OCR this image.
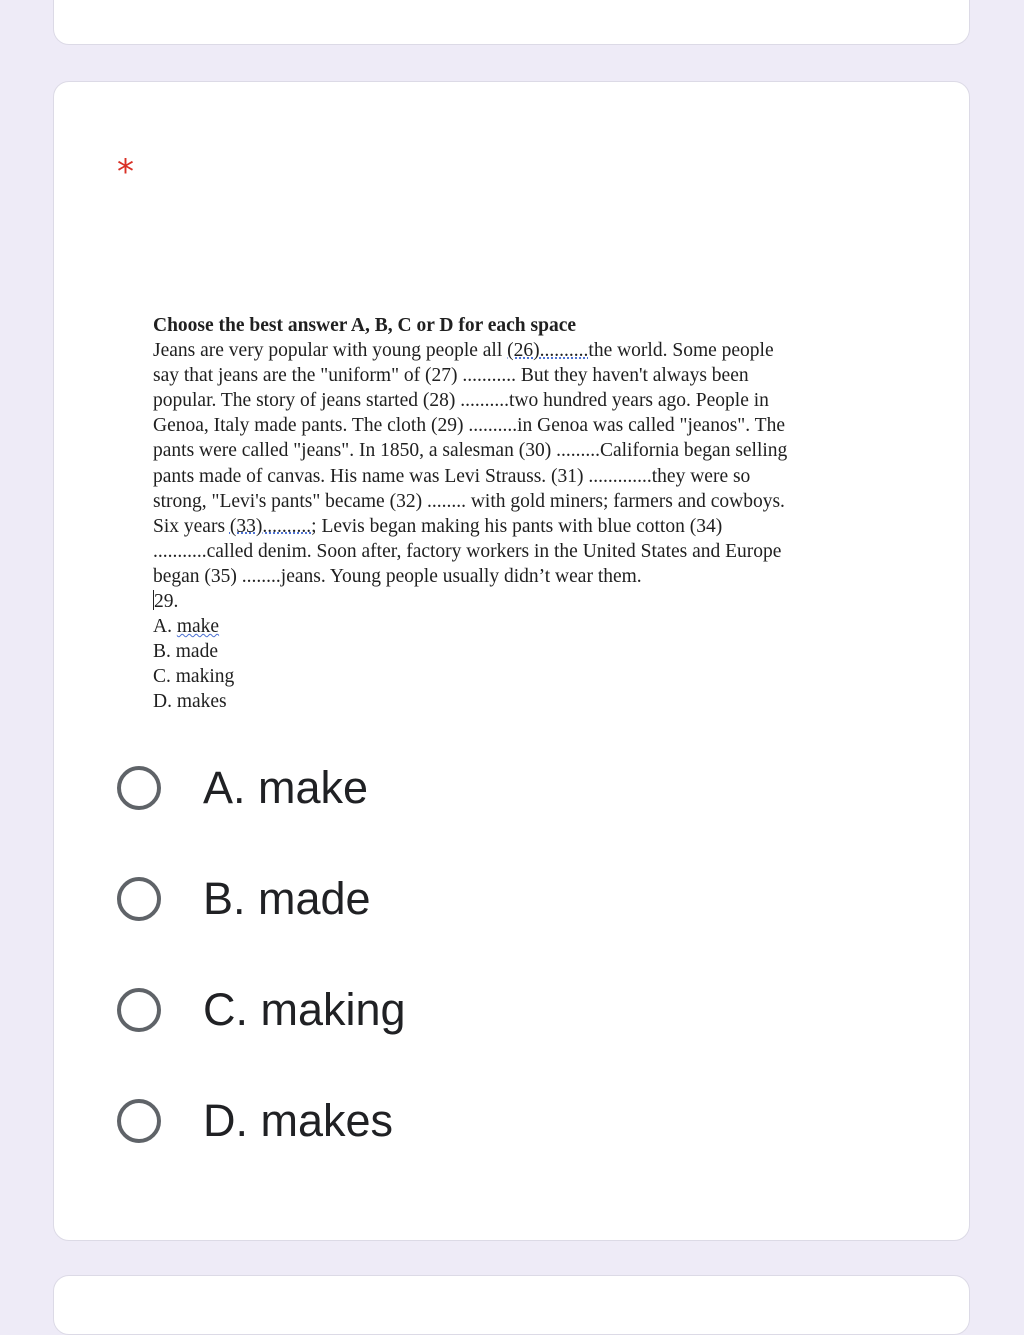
*
Choose the best answer A, B, C or D for each space
Jeans are very popular with young people all (26)..........the world. Some people
say that jeans are the "uniform" of (27) ........... But they haven't always been
popular. The story of jeans started (28) ..........two hundred years ago. People in
Genoa, Italy made pants. The cloth (29) ..........in Genoa was called "jeanos". The
pants were called "jeans". In 1850, a salesman (30) .........California began selling
pants made of canvas. His name was Levi Strauss. (31) .............they were so
strong, "Levi's pants" became (32) ........ with gold miners; farmers and cowboys.
Six years (33)..........; Levis began making his pants with blue cotton (34)
...........called denim. Soon after, factory workers in the United States and Europe
began (35) ........jeans. Young people usually didn’t wear them.
29.
A. make
B. made
C. making
D. makes
A. make
B. made
C. making
D. makes
